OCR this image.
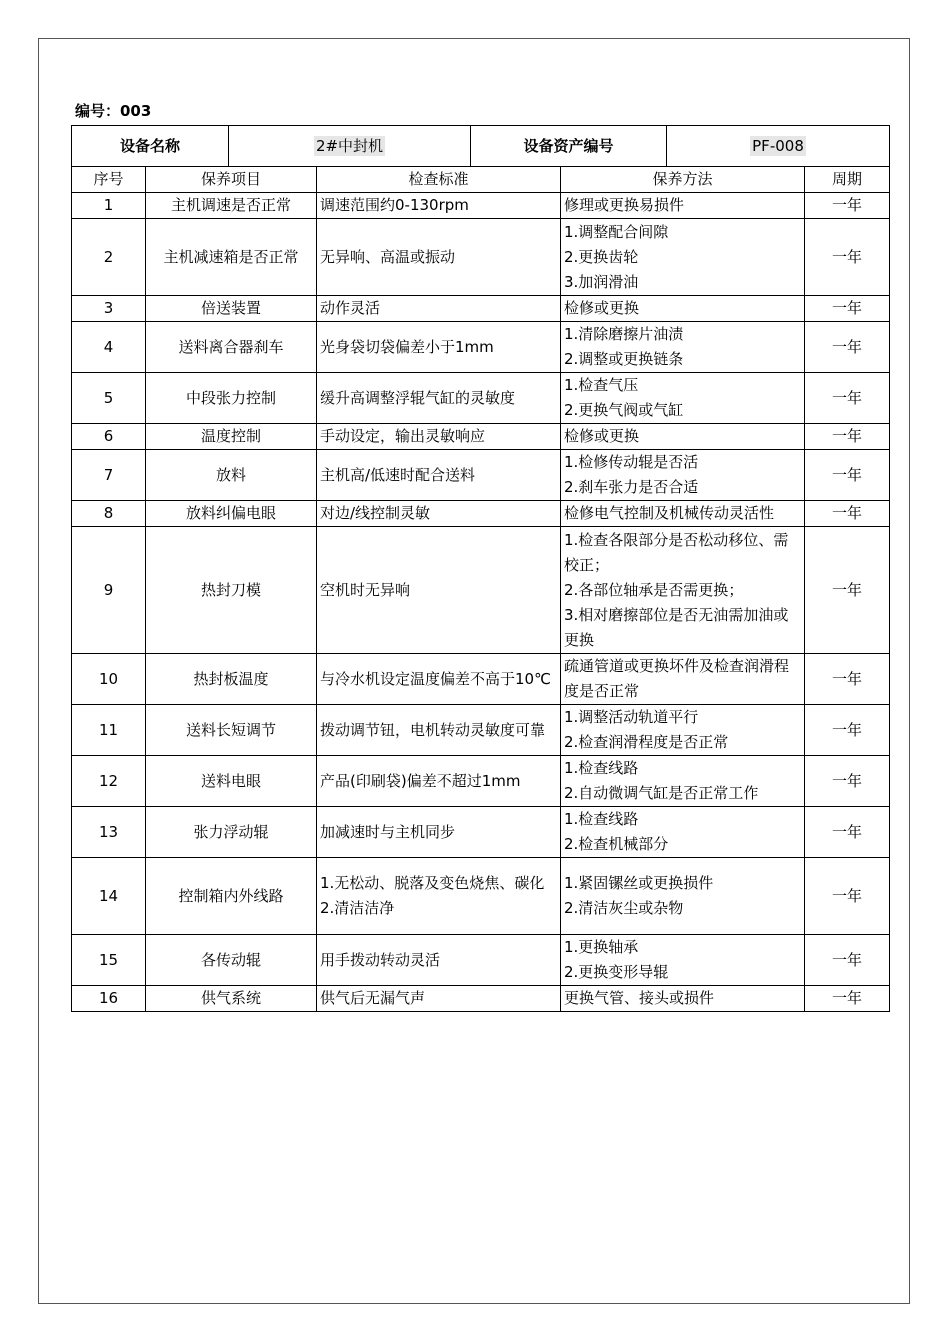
编号：003
设备名称	2#中封机	设备资产编号	PF-008
序号	保养项目	检查标准	保养方法	周期
1	主机调速是否正常	调速范围约0-130rpm	修理或更换易损件	一年
2	主机减速箱是否正常	无异响、高温或振动	1.调整配合间隙
2.更换齿轮
3.加润滑油	一年
3	倍送装置	动作灵活	检修或更换	一年
4	送料离合器刹车	光身袋切袋偏差小于1mm	1.清除磨擦片油渍
2.调整或更换链条	一年
5	中段张力控制	缓升高调整浮辊气缸的灵敏度	1.检查气压
2.更换气阀或气缸	一年
6	温度控制	手动设定，输出灵敏响应	检修或更换	一年
7	放料	主机高/低速时配合送料	1.检修传动辊是否活
2.刹车张力是否合适	一年
8	放料纠偏电眼	对边/线控制灵敏	检修电气控制及机械传动灵活性	一年
9	热封刀模	空机时无异响	1.检查各限部分是否松动移位、需校正；
2.各部位轴承是否需更换；
3.相对磨擦部位是否无油需加油或更换	一年
10	热封板温度	与冷水机设定温度偏差不高于10℃	疏通管道或更换坏件及检查润滑程度是否正常	一年
11	送料长短调节	拨动调节钮，电机转动灵敏度可靠	1.调整活动轨道平行
2.检查润滑程度是否正常	一年
12	送料电眼	产品(印刷袋)偏差不超过1mm	1.检查线路
2.自动微调气缸是否正常工作	一年
13	张力浮动辊	加减速时与主机同步	1.检查线路
2.检查机械部分	一年
14	控制箱内外线路	1.无松动、脱落及变色烧焦、碳化
2.清洁洁净	1.紧固镙丝或更换损件
2.清洁灰尘或杂物	一年
15	各传动辊	用手拨动转动灵活	1.更换轴承
2.更换变形导辊	一年
16	供气系统	供气后无漏气声	更换气管、接头或损件	一年
